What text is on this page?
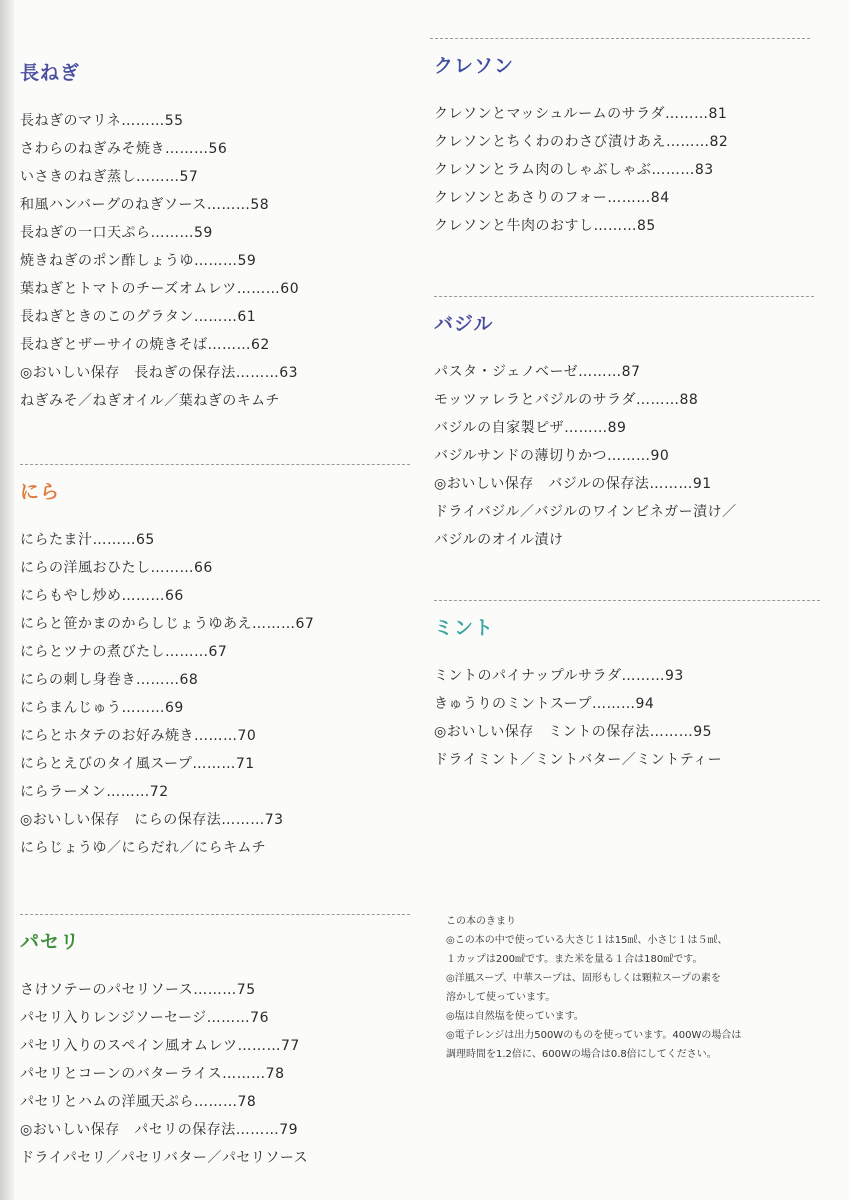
長ねぎ
長ねぎのマリネ………55
さわらのねぎみそ焼き………56
いさきのねぎ蒸し………57
和風ハンバーグのねぎソース………58
長ねぎの一口天ぷら………59
焼きねぎのポン酢しょうゆ………59
葉ねぎとトマトのチーズオムレツ………60
長ねぎときのこのグラタン………61
長ねぎとザーサイの焼きそば………62
◎おいしい保存　長ねぎの保存法………63
ねぎみそ／ねぎオイル／葉ねぎのキムチ
にら
にらたま汁………65
にらの洋風おひたし………66
にらもやし炒め………66
にらと笹かまのからしじょうゆあえ………67
にらとツナの煮びたし………67
にらの刺し身巻き………68
にらまんじゅう………69
にらとホタテのお好み焼き………70
にらとえびのタイ風スープ………71
にらラーメン………72
◎おいしい保存　にらの保存法………73
にらじょうゆ／にらだれ／にらキムチ
パセリ
さけソテーのパセリソース………75
パセリ入りレンジソーセージ………76
パセリ入りのスペイン風オムレツ………77
パセリとコーンのバターライス………78
パセリとハムの洋風天ぷら………78
◎おいしい保存　パセリの保存法………79
ドライパセリ／パセリバター／パセリソース
クレソン
クレソンとマッシュルームのサラダ………81
クレソンとちくわのわさび漬けあえ………82
クレソンとラム肉のしゃぶしゃぶ………83
クレソンとあさりのフォー………84
クレソンと牛肉のおすし………85
バジル
パスタ・ジェノベーゼ………87
モッツァレラとバジルのサラダ………88
バジルの自家製ピザ………89
バジルサンドの薄切りかつ………90
◎おいしい保存　バジルの保存法………91
ドライバジル／バジルのワインビネガー漬け／
バジルのオイル漬け
ミント
ミントのパイナップルサラダ………93
きゅうりのミントスープ………94
◎おいしい保存　ミントの保存法………95
ドライミント／ミントバター／ミントティー
この本のきまり
◎この本の中で使っている大さじ１は15㎖、小さじ１は５㎖、
１カップは200㎖です。また米を量る１合は180㎖です。
◎洋風スープ、中華スープは、固形もしくは顆粒スープの素を
溶かして使っています。
◎塩は自然塩を使っています。
◎電子レンジは出力500Wのものを使っています。400Wの場合は
調理時間を1.2倍に、600Wの場合は0.8倍にしてください。
